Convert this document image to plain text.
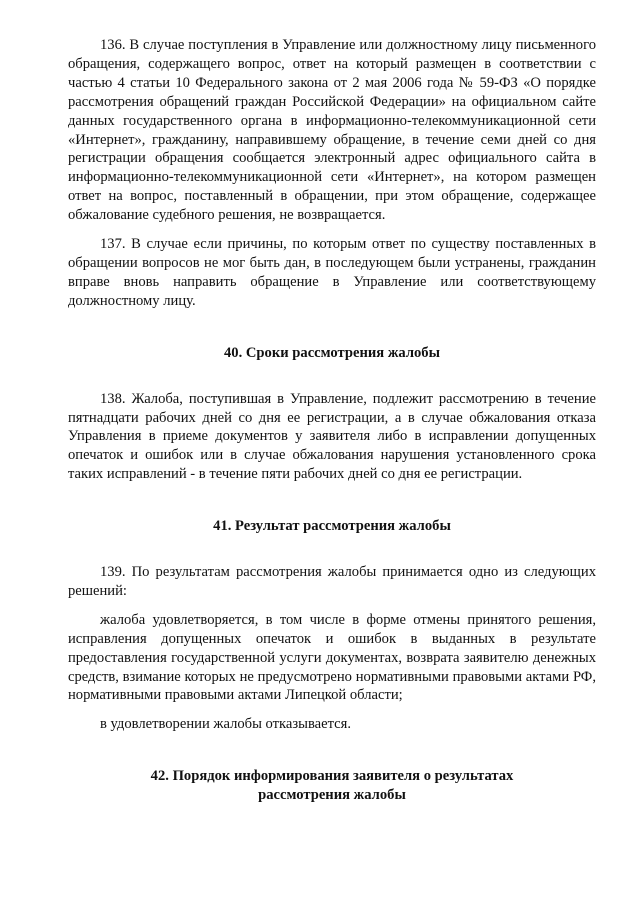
136. В случае поступления в Управление или должностному лицу письменного обращения, содержащего вопрос, ответ на который размещен в соответствии с частью 4 статьи 10 Федерального закона от 2 мая 2006 года № 59-ФЗ «О порядке рассмотрения обращений граждан Российской Федерации» на официальном сайте данных государственного органа в информационно-телекоммуникационной сети «Интернет», гражданину, направившему обращение, в течение семи дней со дня регистрации обращения сообщается электронный адрес официального сайта в информационно-телекоммуникационной сети «Интернет», на котором размещен ответ на вопрос, поставленный в обращении, при этом обращение, содержащее обжалование судебного решения, не возвращается.

137. В случае если причины, по которым ответ по существу поставленных в обращении вопросов не мог быть дан, в последующем были устранены, гражданин вправе вновь направить обращение в Управление или соответствующему должностному лицу.

40. Сроки рассмотрения жалобы

138. Жалоба, поступившая в Управление, подлежит рассмотрению в течение пятнадцати рабочих дней со дня ее регистрации, а в случае обжалования отказа Управления в приеме документов у заявителя либо в исправлении допущенных опечаток и ошибок или в случае обжалования нарушения установленного срока таких исправлений - в течение пяти рабочих дней со дня ее регистрации.

41. Результат рассмотрения жалобы

139. По результатам рассмотрения жалобы принимается одно из следующих решений:

жалоба удовлетворяется, в том числе в форме отмены принятого решения, исправления допущенных опечаток и ошибок в выданных в результате предоставления государственной услуги документах, возврата заявителю денежных средств, взимание которых не предусмотрено нормативными правовыми актами РФ, нормативными правовыми актами Липецкой области;

в удовлетворении жалобы отказывается.

42. Порядок информирования заявителя о результатах

рассмотрения жалобы
